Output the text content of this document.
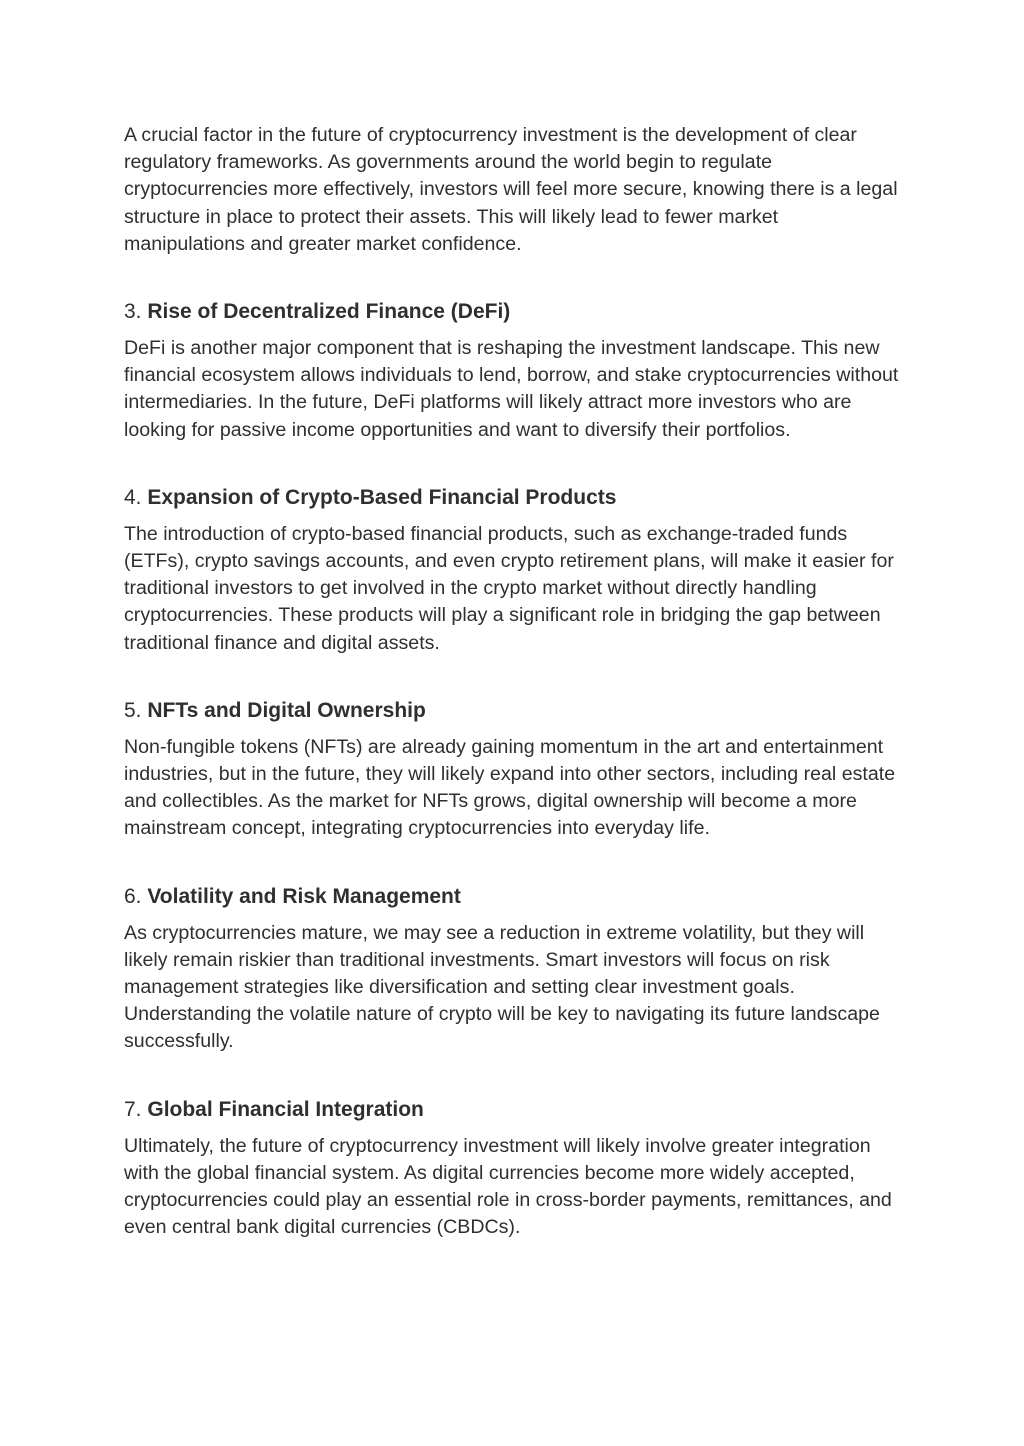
A crucial factor in the future of cryptocurrency investment is the development of clear regulatory frameworks. As governments around the world begin to regulate cryptocurrencies more effectively, investors will feel more secure, knowing there is a legal structure in place to protect their assets. This will likely lead to fewer market manipulations and greater market confidence.

3. Rise of Decentralized Finance (DeFi)

DeFi is another major component that is reshaping the investment landscape. This new financial ecosystem allows individuals to lend, borrow, and stake cryptocurrencies without intermediaries. In the future, DeFi platforms will likely attract more investors who are looking for passive income opportunities and want to diversify their portfolios.

4. Expansion of Crypto-Based Financial Products

The introduction of crypto-based financial products, such as exchange-traded funds (ETFs), crypto savings accounts, and even crypto retirement plans, will make it easier for traditional investors to get involved in the crypto market without directly handling cryptocurrencies. These products will play a significant role in bridging the gap between traditional finance and digital assets.

5. NFTs and Digital Ownership

Non-fungible tokens (NFTs) are already gaining momentum in the art and entertainment industries, but in the future, they will likely expand into other sectors, including real estate and collectibles. As the market for NFTs grows, digital ownership will become a more mainstream concept, integrating cryptocurrencies into everyday life.

6. Volatility and Risk Management

As cryptocurrencies mature, we may see a reduction in extreme volatility, but they will likely remain riskier than traditional investments. Smart investors will focus on risk management strategies like diversification and setting clear investment goals. Understanding the volatile nature of crypto will be key to navigating its future landscape successfully.

7. Global Financial Integration

Ultimately, the future of cryptocurrency investment will likely involve greater integration with the global financial system. As digital currencies become more widely accepted, cryptocurrencies could play an essential role in cross-border payments, remittances, and even central bank digital currencies (CBDCs).
